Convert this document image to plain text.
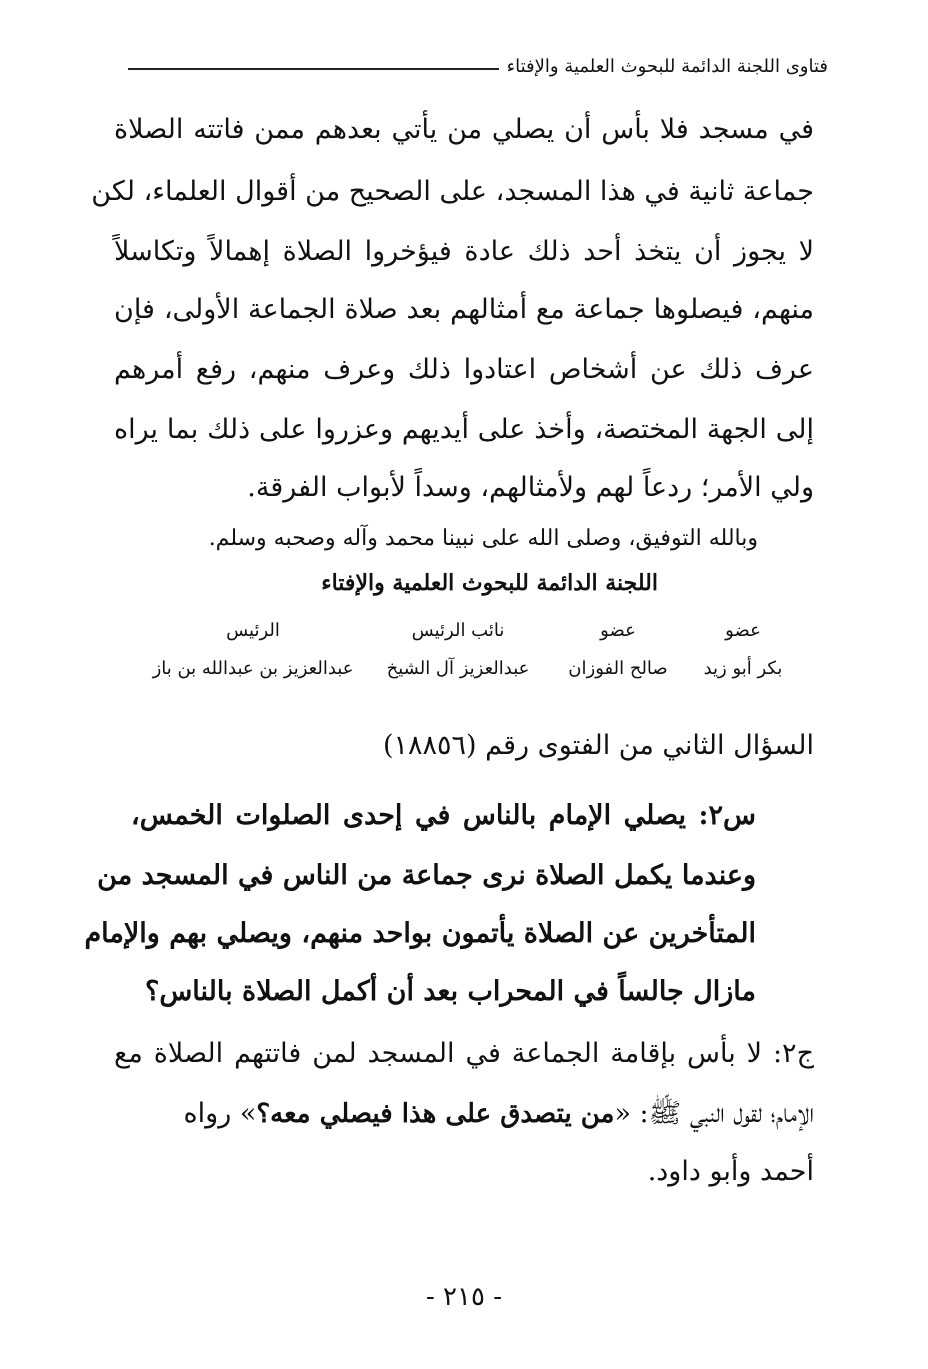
فتاوى اللجنة الدائمة للبحوث العلمية والإفتاء
في مسجد فلا بأس أن يصلي من يأتي بعدهم ممن فاتته الصلاة
جماعة ثانية في هذا المسجد، على الصحيح من أقوال العلماء، لكن
لا يجوز أن يتخذ أحد ذلك عادة فيؤخروا الصلاة إهمالاً وتكاسلاً
منهم، فيصلوها جماعة مع أمثالهم بعد صلاة الجماعة الأولى، فإن
عرف ذلك عن أشخاص اعتادوا ذلك وعرف منهم، رفع أمرهم
إلى الجهة المختصة، وأخذ على أيديهم وعزروا على ذلك بما يراه
ولي الأمر؛ ردعاً لهم ولأمثالهم، وسداً لأبواب الفرقة.
وبالله التوفيق، وصلى الله على نبينا محمد وآله وصحبه وسلم.
اللجنة الدائمة للبحوث العلمية والإفتاء
عضو
عضو
نائب الرئيس
الرئيس
بكر أبو زيد
صالح الفوزان
عبدالعزيز آل الشيخ
عبدالعزيز بن عبدالله بن باز
السؤال الثاني من الفتوى رقم (١٨٨٥٦)
س٢: يصلي الإمام بالناس في إحدى الصلوات الخمس،
وعندما يكمل الصلاة نرى جماعة من الناس في المسجد من
المتأخرين عن الصلاة يأتمون بواحد منهم، ويصلي بهم والإمام
مازال جالساً في المحراب بعد أن أكمل الصلاة بالناس؟
ج٢: لا بأس بإقامة الجماعة في المسجد لمن فاتتهم الصلاة مع
الإمام؛ لقول النبي ﷺ: «من يتصدق على هذا فيصلي معه؟» رواه
أحمد وأبو داود.
- ٢١٥ -
